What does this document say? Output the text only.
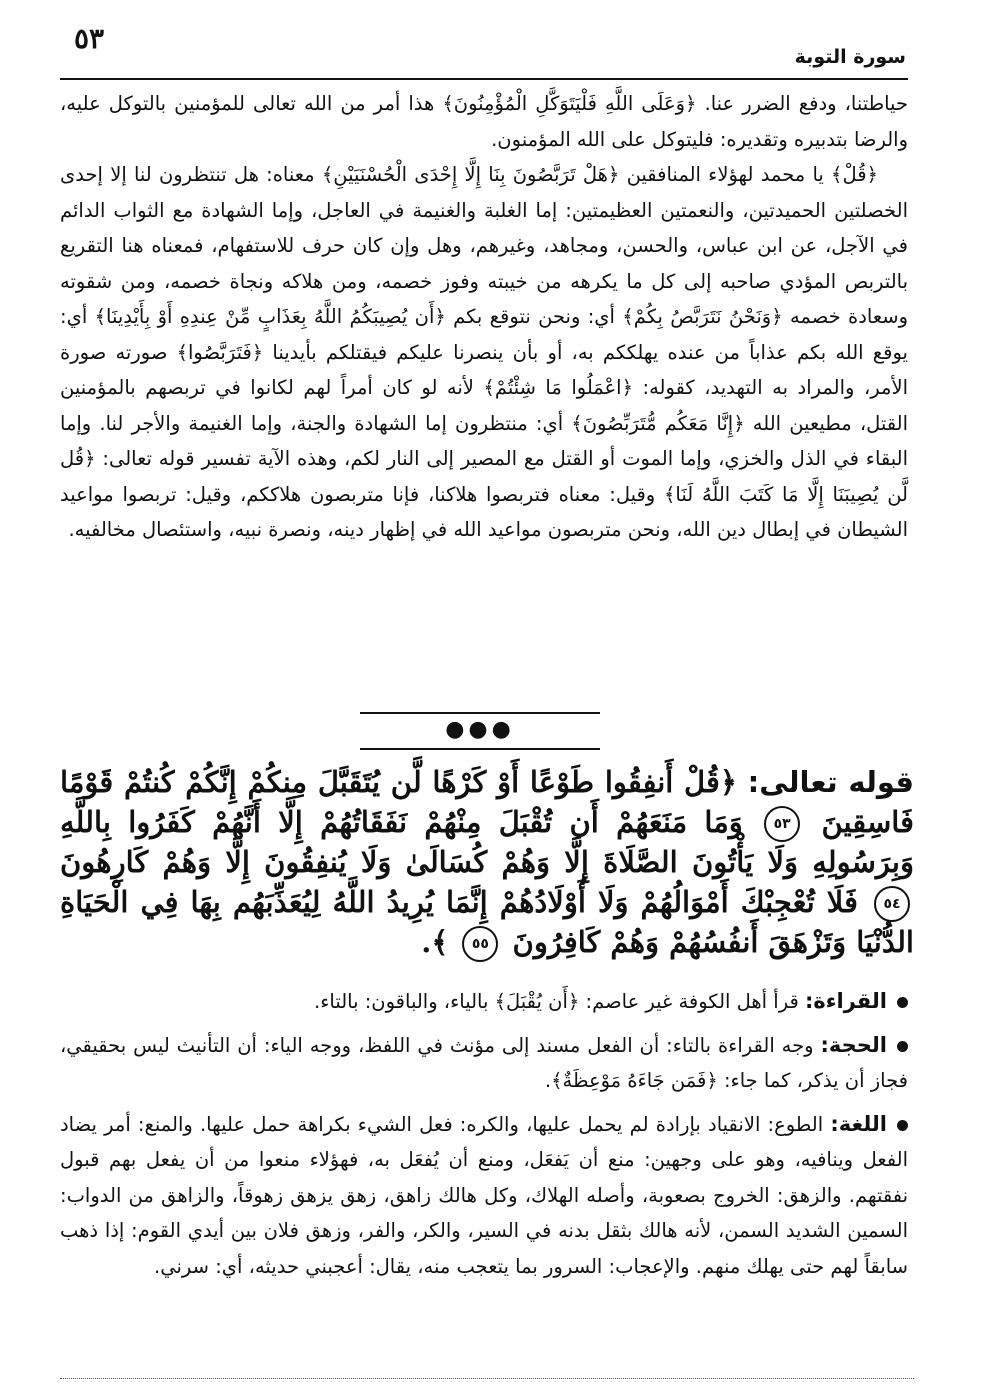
سورة التوبة
٥٣

حياطتنا، ودفع الضرر عنا. ﴿وَعَلَى اللَّهِ فَلْيَتَوَكَّلِ الْمُؤْمِنُونَ﴾ هذا أمر من الله تعالى للمؤمنين بالتوكل عليه، والرضا بتدبيره وتقديره: فليتوكل على الله المؤمنون.

﴿قُلْ﴾ يا محمد لهؤلاء المنافقين ﴿هَلْ تَرَبَّصُونَ بِنَا إِلَّا إِحْدَى الْحُسْنَيَيْنِ﴾ معناه: هل تنتظرون لنا إلا إحدى الخصلتين الحميدتين، والنعمتين العظيمتين: إما الغلبة والغنيمة في العاجل، وإما الشهادة مع الثواب الدائم في الآجل، عن ابن عباس، والحسن، ومجاهد، وغيرهم، وهل وإن كان حرف للاستفهام، فمعناه هنا التقريع بالتربص المؤدي صاحبه إلى كل ما يكرهه من خيبته وفوز خصمه، ومن هلاكه ونجاة خصمه، ومن شقوته وسعادة خصمه ﴿وَنَحْنُ نَتَرَبَّصُ بِكُمْ﴾ أي: ونحن نتوقع بكم ﴿أَن يُصِيبَكُمُ اللَّهُ بِعَذَابٍ مِّنْ عِندِهِ أَوْ بِأَيْدِينَا﴾ أي: يوقع الله بكم عذاباً من عنده يهلككم به، أو بأن ينصرنا عليكم فيقتلكم بأيدينا ﴿فَتَرَبَّصُوا﴾ صورته صورة الأمر، والمراد به التهديد، كقوله: ﴿اعْمَلُوا مَا شِئْتُمْ﴾ لأنه لو كان أمراً لهم لكانوا في تربصهم بالمؤمنين القتل، مطيعين الله ﴿إِنَّا مَعَكُم مُّتَرَبِّصُونَ﴾ أي: منتظرون إما الشهادة والجنة، وإما الغنيمة والأجر لنا. وإما البقاء في الذل والخزي، وإما الموت أو القتل مع المصير إلى النار لكم، وهذه الآية تفسير قوله تعالى: ﴿قُل لَّن يُصِيبَنَا إِلَّا مَا كَتَبَ اللَّهُ لَنَا﴾ وقيل: معناه فتربصوا هلاكنا، فإنا متربصون هلاككم، وقيل: تربصوا مواعيد الشيطان في إبطال دين الله، ونحن متربصون مواعيد الله في إظهار دينه، ونصرة نبيه، واستئصال مخالفيه.

●●●
قوله تعالى: ﴿قُلْ أَنفِقُوا طَوْعًا أَوْ كَرْهًا لَّن يُتَقَبَّلَ مِنكُمْ إِنَّكُمْ كُنتُمْ قَوْمًا فَاسِقِينَ ٥٣ وَمَا مَنَعَهُمْ أَن تُقْبَلَ مِنْهُمْ نَفَقَاتُهُمْ إِلَّا أَنَّهُمْ كَفَرُوا بِاللَّهِ وَبِرَسُولِهِ وَلَا يَأْتُونَ الصَّلَاةَ إِلَّا وَهُمْ كُسَالَىٰ وَلَا يُنفِقُونَ إِلَّا وَهُمْ كَارِهُونَ ٥٤ فَلَا تُعْجِبْكَ أَمْوَالُهُمْ وَلَا أَوْلَادُهُمْ إِنَّمَا يُرِيدُ اللَّهُ لِيُعَذِّبَهُم بِهَا فِي الْحَيَاةِ الدُّنْيَا وَتَزْهَقَ أَنفُسُهُمْ وَهُمْ كَافِرُونَ ٥٥ ﴾.

القراءة: قرأ أهل الكوفة غير عاصم: ﴿أَن يُقْبَلَ﴾ بالياء، والباقون: بالتاء.

الحجة: وجه القراءة بالتاء: أن الفعل مسند إلى مؤنث في اللفظ، ووجه الياء: أن التأنيث ليس بحقيقي، فجاز أن يذكر، كما جاء: ﴿فَمَن جَاءَهُ مَوْعِظَةٌ﴾.

اللغة: الطوع: الانقياد بإرادة لم يحمل عليها، والكره: فعل الشيء بكراهة حمل عليها. والمنع: أمر يضاد الفعل وينافيه، وهو على وجهين: منع أن يَفعَل، ومنع أن يُفعَل به، فهؤلاء منعوا من أن يفعل بهم قبول نفقتهم. والزهق: الخروج بصعوبة، وأصله الهلاك، وكل هالك زاهق، زهق يزهق زهوقاً، والزاهق من الدواب: السمين الشديد السمن، لأنه هالك بثقل بدنه في السير، والكر، والفر، وزهق فلان بين أيدي القوم: إذا ذهب سابقاً لهم حتى يهلك منهم. والإعجاب: السرور بما يتعجب منه، يقال: أعجبني حديثه، أي: سرني.
